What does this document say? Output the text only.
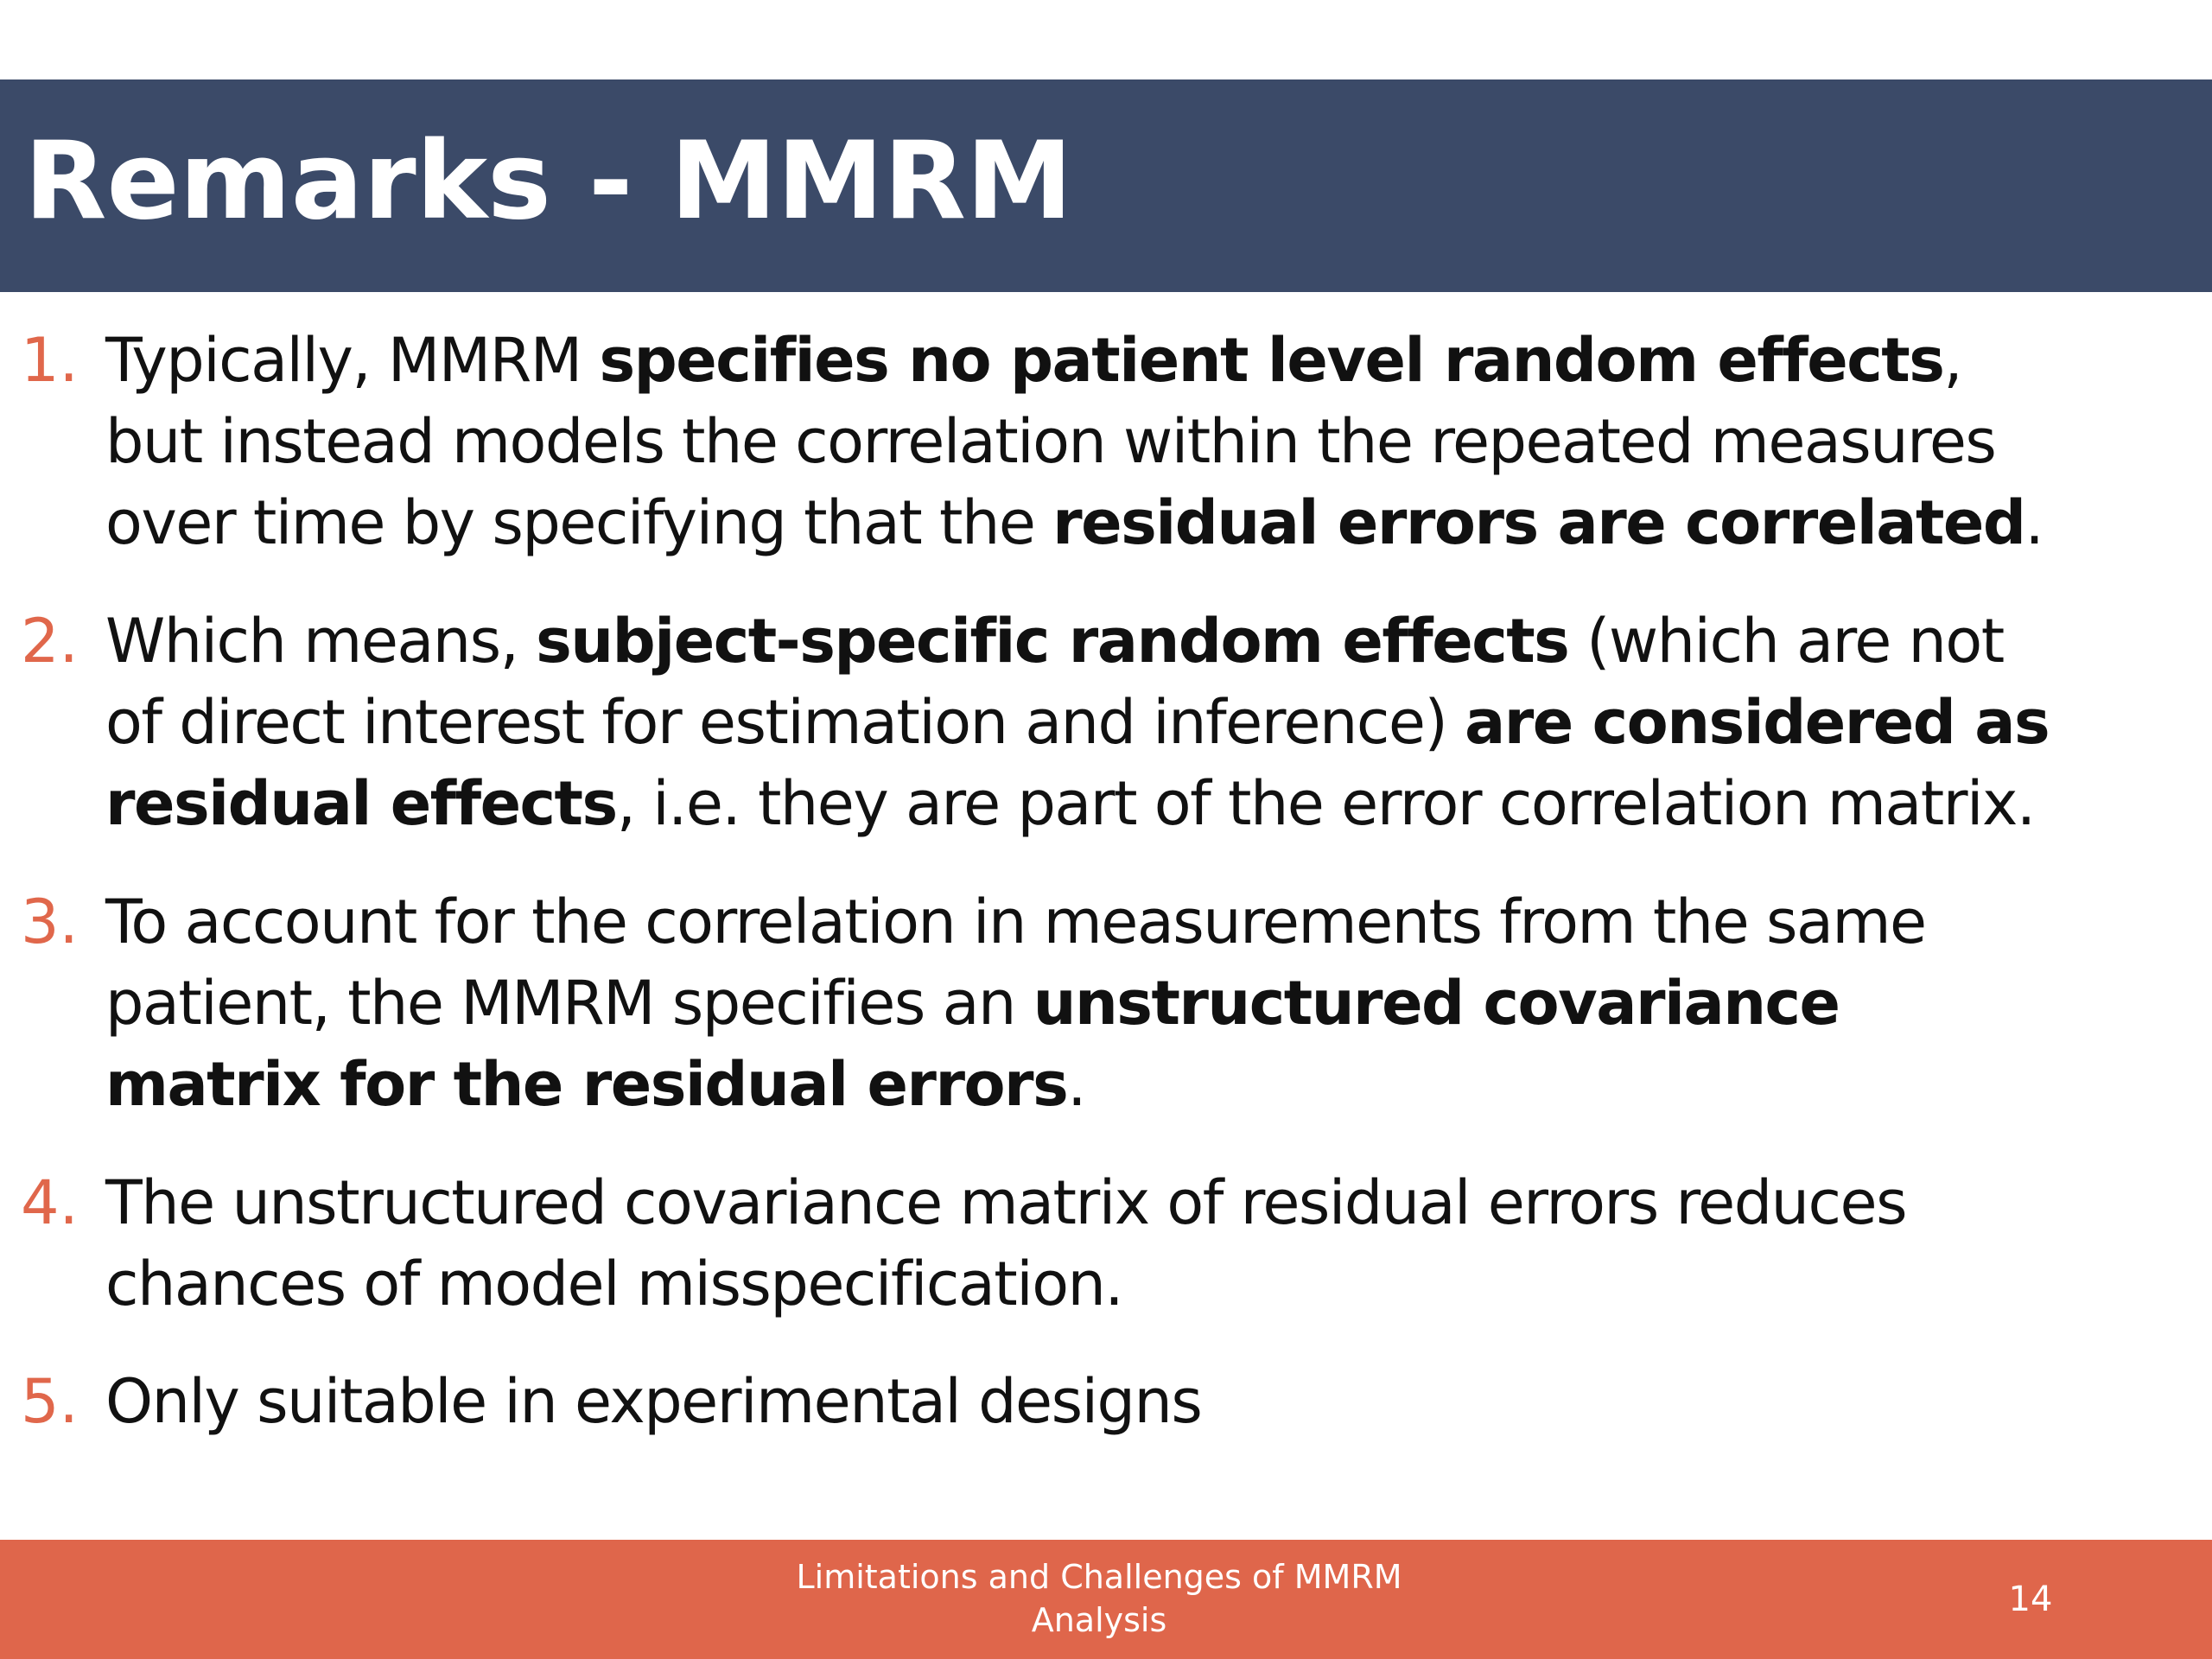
Remarks - MMRM
1. Typically, MMRM specifies no patient level random effects,
but instead models the correlation within the repeated measures
over time by specifying that the residual errors are correlated.
2. Which means, subject-specific random effects (which are not
of direct interest for estimation and inference) are considered as
residual effects, i.e. they are part of the error correlation matrix.
3. To account for the correlation in measurements from the same
patient, the MMRM specifies an unstructured covariance
matrix for the residual errors.
4. The unstructured covariance matrix of residual errors reduces
chances of model misspecification.
5. Only suitable in experimental designs
Limitations and Challenges of MMRM
Analysis
14
